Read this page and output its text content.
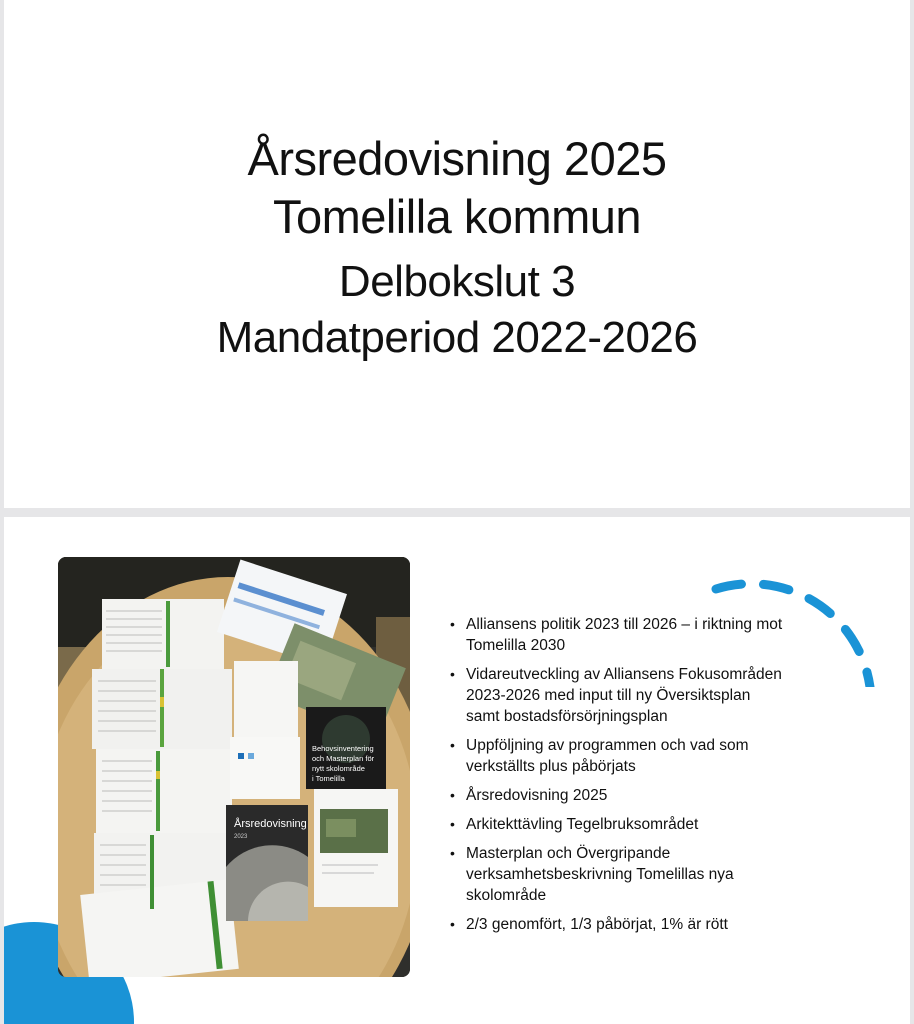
Årsredovisning 2025

Tomelilla kommun

Delbokslut 3

Mandatperiod 2022-2026

Behovsinventering
och Masterplan för
nytt skolområde
i Tomelilla
Årsredovisning
2023
• Alliansens politik 2023 till 2026 – i riktning mot
Tomelilla 2030
• Vidareutveckling av Alliansens Fokusområden
2023-2026 med input till ny Översiktsplan
samt bostadsförsörjningsplan
• Uppföljning av programmen och vad som
verkställts plus påbörjats
• Årsredovisning 2025
• Arkitekttävling Tegelbruksområdet
• Masterplan och Övergripande
verksamhetsbeskrivning Tomelillas nya
skolområde
• 2/3 genomfört, 1/3 påbörjat, 1% är rött
